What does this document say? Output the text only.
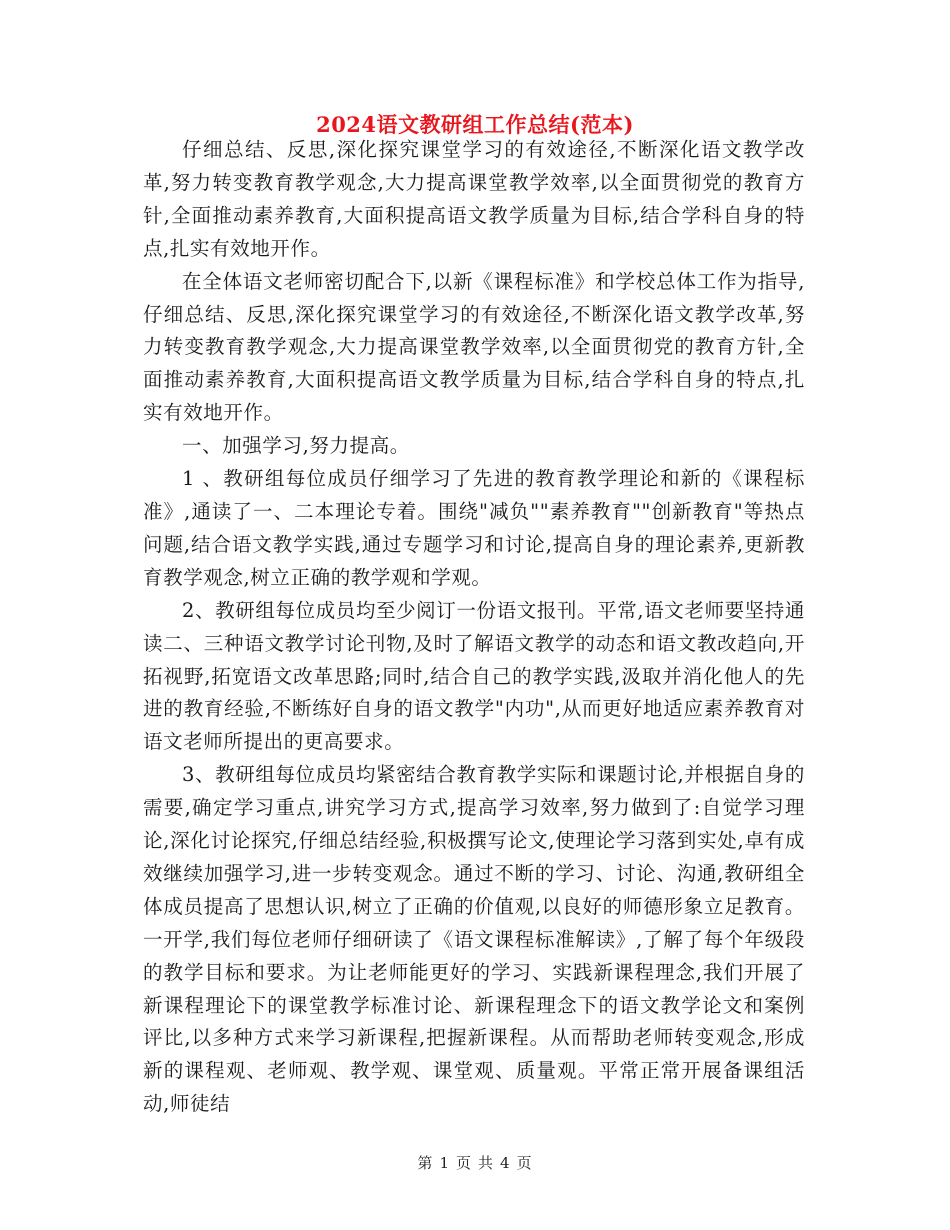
2024语文教研组工作总结(范本)

仔细总结、反思,深化探究课堂学习的有效途径,不断深化语文教学改革,努力转变教育教学观念,大力提高课堂教学效率,以全面贯彻党的教育方针,全面推动素养教育,大面积提高语文教学质量为目标,结合学科自身的特点,扎实有效地开作。

在全体语文老师密切配合下,以新《课程标准》和学校总体工作为指导,仔细总结、反思,深化探究课堂学习的有效途径,不断深化语文教学改革,努力转变教育教学观念,大力提高课堂教学效率,以全面贯彻党的教育方针,全面推动素养教育,大面积提高语文教学质量为目标,结合学科自身的特点,扎实有效地开作。

一、加强学习,努力提高。

1 、教研组每位成员仔细学习了先进的教育教学理论和新的《课程标准》,通读了一、二本理论专着。围绕"减负""素养教育""创新教育"等热点问题,结合语文教学实践,通过专题学习和讨论,提高自身的理论素养,更新教育教学观念,树立正确的教学观和学观。

2、教研组每位成员均至少阅订一份语文报刊。平常,语文老师要坚持通读二、三种语文教学讨论刊物,及时了解语文教学的动态和语文教改趋向,开拓视野,拓宽语文改革思路;同时,结合自己的教学实践,汲取并消化他人的先进的教育经验,不断练好自身的语文教学"内功",从而更好地适应素养教育对语文老师所提出的更高要求。

3、教研组每位成员均紧密结合教育教学实际和课题讨论,并根据自身的需要,确定学习重点,讲究学习方式,提高学习效率,努力做到了:自觉学习理论,深化讨论探究,仔细总结经验,积极撰写论文,使理论学习落到实处,卓有成效继续加强学习,进一步转变观念。通过不断的学习、讨论、沟通,教研组全体成员提高了思想认识,树立了正确的价值观,以良好的师德形象立足教育。一开学,我们每位老师仔细研读了《语文课程标准解读》,了解了每个年级段的教学目标和要求。为让老师能更好的学习、实践新课程理念,我们开展了新课程理论下的课堂教学标准讨论、新课程理念下的语文教学论文和案例评比,以多种方式来学习新课程,把握新课程。从而帮助老师转变观念,形成新的课程观、老师观、教学观、课堂观、质量观。平常正常开展备课组活动,师徒结

第 1 页 共 4 页
